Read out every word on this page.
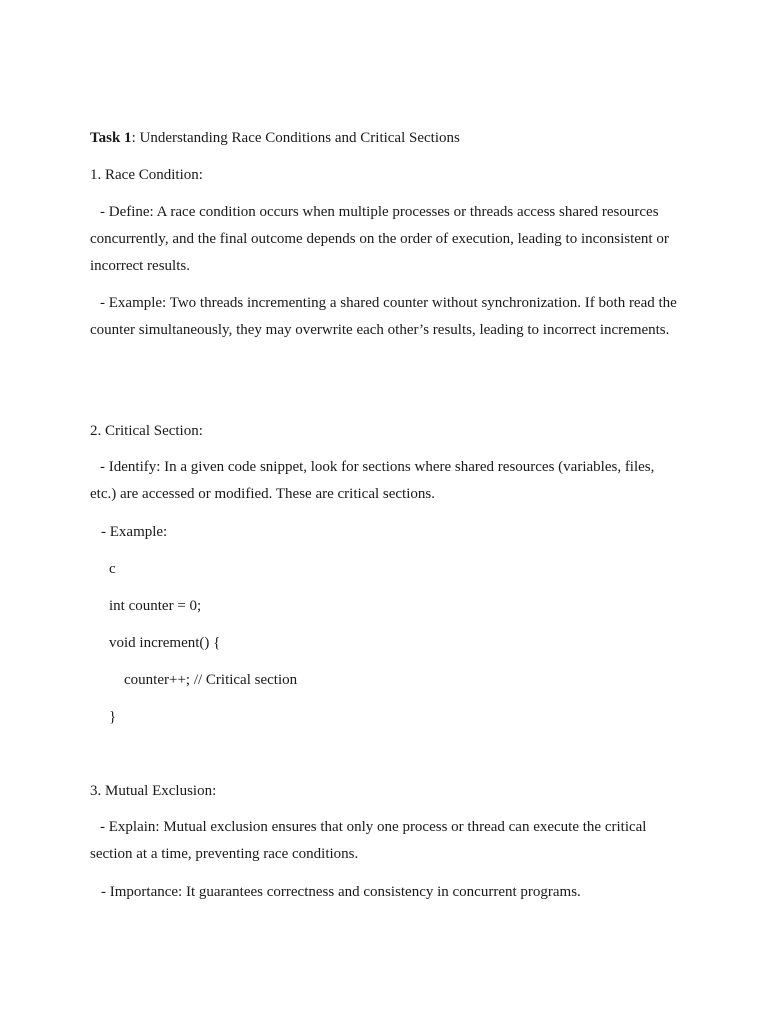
Task 1: Understanding Race Conditions and Critical Sections
1. Race Condition:
- Define: A race condition occurs when multiple processes or threads access shared resources concurrently, and the final outcome depends on the order of execution, leading to inconsistent or incorrect results.
- Example: Two threads incrementing a shared counter without synchronization. If both read the counter simultaneously, they may overwrite each other’s results, leading to incorrect increments.
2. Critical Section:
- Identify: In a given code snippet, look for sections where shared resources (variables, files, etc.) are accessed or modified. These are critical sections.
- Example:
c
int counter = 0;
void increment() {
counter++; // Critical section
}
3. Mutual Exclusion:
- Explain: Mutual exclusion ensures that only one process or thread can execute the critical section at a time, preventing race conditions.
- Importance: It guarantees correctness and consistency in concurrent programs.
